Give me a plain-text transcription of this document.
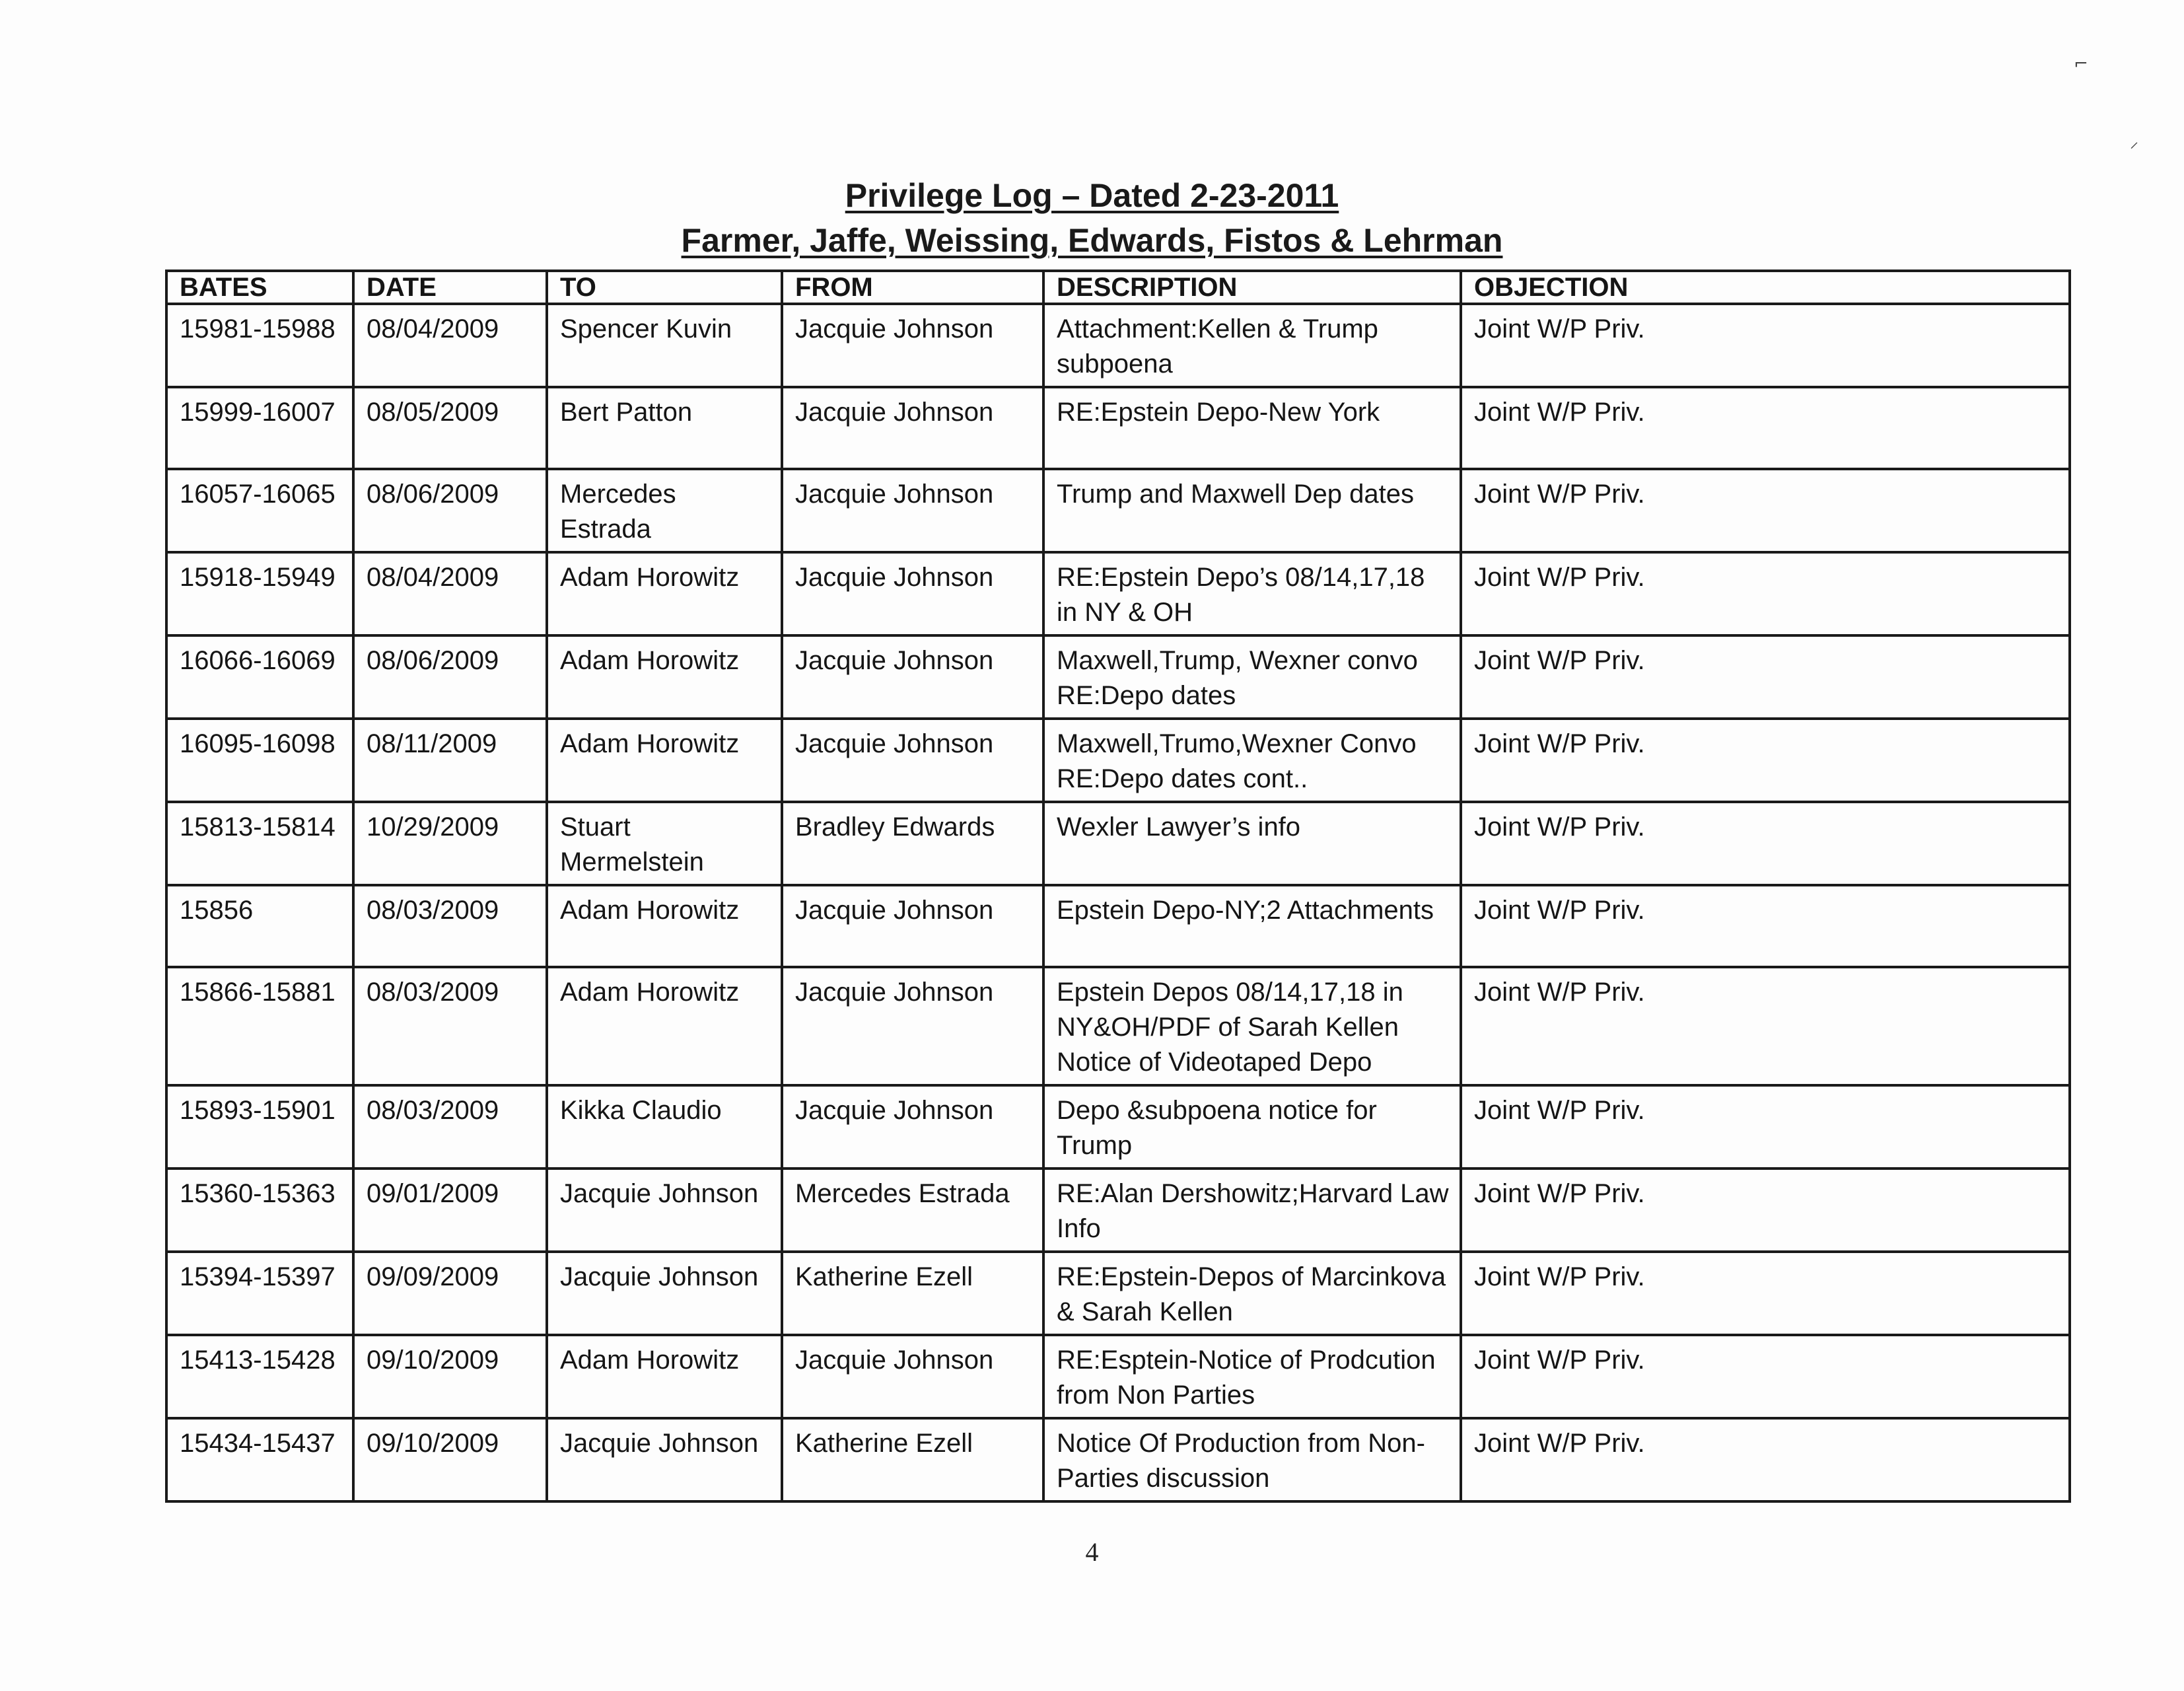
⌐
⸝
Privilege Log – Dated 2-23-2011
Farmer, Jaffe, Weissing, Edwards, Fistos & Lehrman
BATES	DATE	TO	FROM	DESCRIPTION	OBJECTION
15981-15988	08/04/2009	Spencer Kuvin	Jacquie Johnson	Attachment:Kellen & Trump subpoena	Joint W/P Priv.
15999-16007	08/05/2009	Bert Patton	Jacquie Johnson	RE:Epstein Depo-New York	Joint W/P Priv.
16057-16065	08/06/2009	Mercedes Estrada	Jacquie Johnson	Trump and Maxwell Dep dates	Joint W/P Priv.
15918-15949	08/04/2009	Adam Horowitz	Jacquie Johnson	RE:Epstein Depo’s 08/14,17,18 in NY & OH	Joint W/P Priv.
16066-16069	08/06/2009	Adam Horowitz	Jacquie Johnson	Maxwell,Trump, Wexner convo RE:Depo dates	Joint W/P Priv.
16095-16098	08/11/2009	Adam Horowitz	Jacquie Johnson	Maxwell,Trumo,Wexner Convo RE:Depo dates cont..	Joint W/P Priv.
15813-15814	10/29/2009	Stuart Mermelstein	Bradley Edwards	Wexler Lawyer’s info	Joint W/P Priv.
15856	08/03/2009	Adam Horowitz	Jacquie Johnson	Epstein Depo-NY;2 Attachments	Joint W/P Priv.
15866-15881	08/03/2009	Adam Horowitz	Jacquie Johnson	Epstein Depos 08/14,17,18 in NY&OH/PDF of Sarah Kellen Notice of Videotaped Depo	Joint W/P Priv.
15893-15901	08/03/2009	Kikka Claudio	Jacquie Johnson	Depo &subpoena notice for Trump	Joint W/P Priv.
15360-15363	09/01/2009	Jacquie Johnson	Mercedes Estrada	RE:Alan Dershowitz;Harvard Law Info	Joint W/P Priv.
15394-15397	09/09/2009	Jacquie Johnson	Katherine Ezell	RE:Epstein-Depos of Marcinkova & Sarah Kellen	Joint W/P Priv.
15413-15428	09/10/2009	Adam Horowitz	Jacquie Johnson	RE:Esptein-Notice of Prodcution from Non Parties	Joint W/P Priv.
15434-15437	09/10/2009	Jacquie Johnson	Katherine Ezell	Notice Of Production from Non-Parties discussion	Joint W/P Priv.
4
